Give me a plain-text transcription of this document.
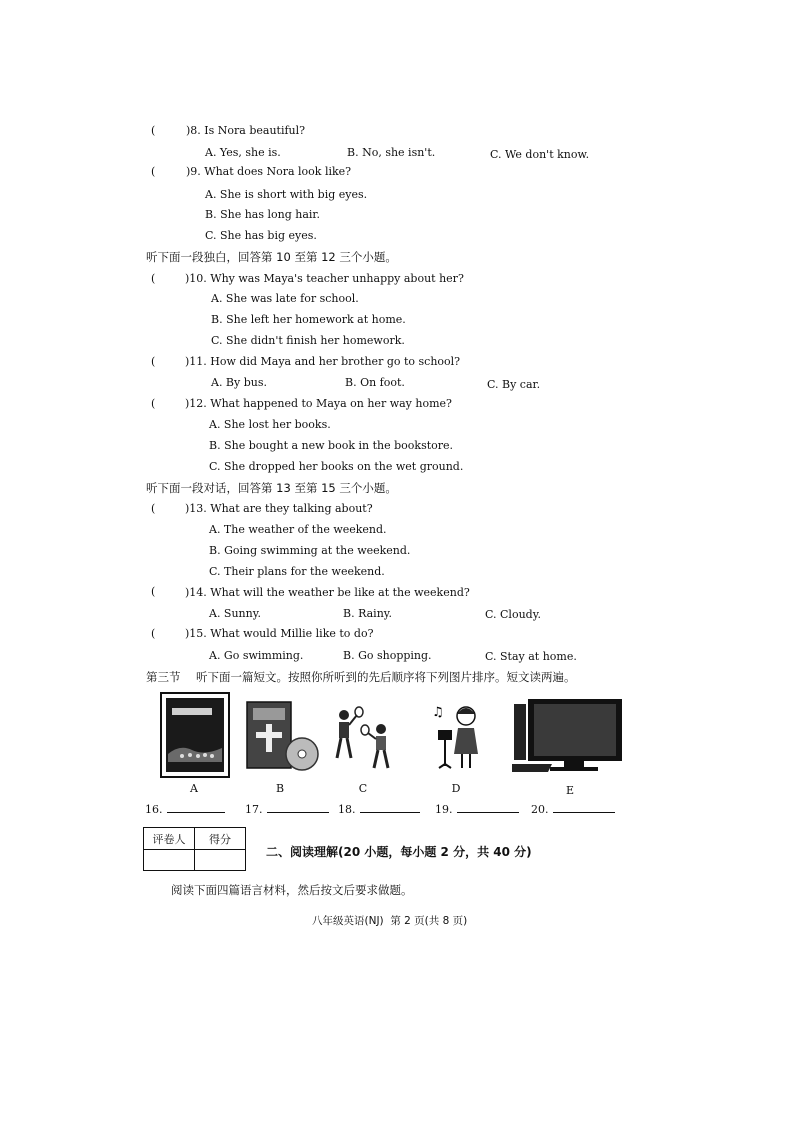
(	)8. Is Nora beautiful?
A. Yes, she is.	B. No, she isn't.	C. We don't know.
(	)9. What does Nora look like?
A. She is short with big eyes.
B. She has long hair.
C. She has big eyes.
听下面一段独白，回答第 10 至第 12 三个小题。
(	)10. Why was Maya's teacher unhappy about her?
A. She was late for school.
B. She left her homework at home.
C. She didn't finish her homework.
(	)11. How did Maya and her brother go to school?
A. By bus.	B. On foot.	C. By car.
(	)12. What happened to Maya on her way home?
A. She lost her books.
B. She bought a new book in the bookstore.
C. She dropped her books on the wet ground.
听下面一段对话，回答第 13 至第 15 三个小题。
(	)13. What are they talking about?
A. The weather of the weekend.
B. Going swimming at the weekend.
C. Their plans for the weekend.
(	)14. What will the weather be like at the weekend?
A. Sunny.	B. Rainy.	C. Cloudy.
(	)15. What would Millie like to do?
A. Go swimming.	B. Go shopping.	C. Stay at home.
第三节 听下面一篇短文。按照你所听到的先后顺序将下列图片排序。短文读两遍。
♫
A	B	C	D	E
16.	17.	18.	19.	20.
评卷人	得分

二、阅读理解(20 小题，每小题 2 分，共 40 分)
阅读下面四篇语言材料，然后按文后要求做题。
八年级英语(NJ)  第 2 页(共 8 页)
